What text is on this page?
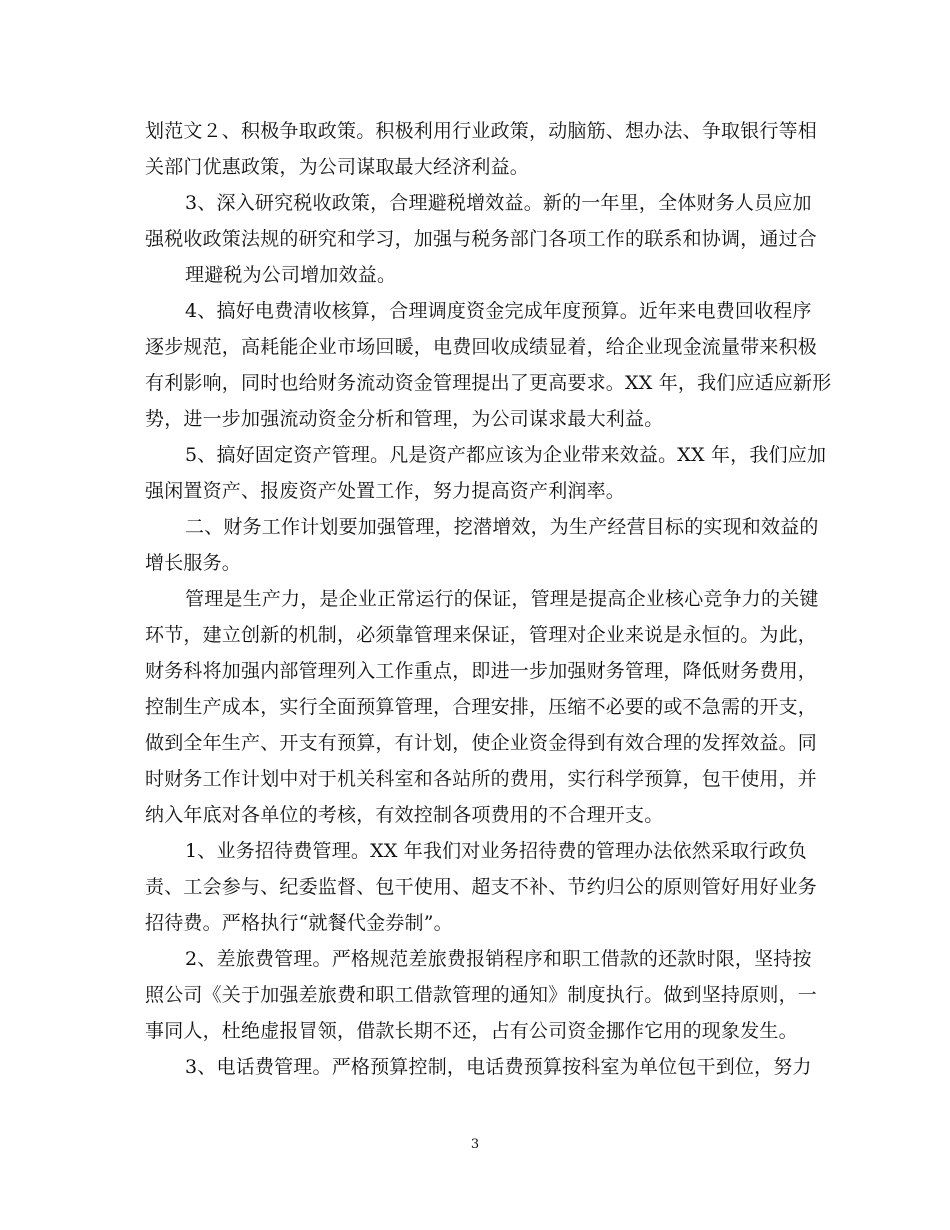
划范文２、积极争取政策。积极利用行业政策，动脑筋、想办法、争取银行等相
关部门优惠政策，为公司谋取最大经济利益。
3、深入研究税收政策，合理避税增效益。新的一年里，全体财务人员应加
强税收政策法规的研究和学习，加强与税务部门各项工作的联系和协调，通过合
理避税为公司增加效益。
4、搞好电费清收核算，合理调度资金完成年度预算。近年来电费回收程序
逐步规范，高耗能企业市场回暖，电费回收成绩显着，给企业现金流量带来积极
有利影响，同时也给财务流动资金管理提出了更高要求。XX 年，我们应适应新形
势，进一步加强流动资金分析和管理，为公司谋求最大利益。
5、搞好固定资产管理。凡是资产都应该为企业带来效益。XX 年，我们应加
强闲置资产、报废资产处置工作，努力提高资产利润率。
二、财务工作计划要加强管理，挖潜增效，为生产经营目标的实现和效益的
增长服务。
管理是生产力，是企业正常运行的保证，管理是提高企业核心竞争力的关键
环节，建立创新的机制，必须靠管理来保证，管理对企业来说是永恒的。为此，
财务科将加强内部管理列入工作重点，即进一步加强财务管理，降低财务费用，
控制生产成本，实行全面预算管理，合理安排，压缩不必要的或不急需的开支，
做到全年生产、开支有预算，有计划，使企业资金得到有效合理的发挥效益。同
时财务工作计划中对于机关科室和各站所的费用，实行科学预算，包干使用，并
纳入年底对各单位的考核，有效控制各项费用的不合理开支。
1、业务招待费管理。XX 年我们对业务招待费的管理办法依然采取行政负
责、工会参与、纪委监督、包干使用、超支不补、节约归公的原则管好用好业务
招待费。严格执行“就餐代金券制”。
2、差旅费管理。严格规范差旅费报销程序和职工借款的还款时限，坚持按
照公司《关于加强差旅费和职工借款管理的通知》制度执行。做到坚持原则，一
事同人，杜绝虚报冒领，借款长期不还，占有公司资金挪作它用的现象发生。
3、电话费管理。严格预算控制，电话费预算按科室为单位包干到位，努力
3
